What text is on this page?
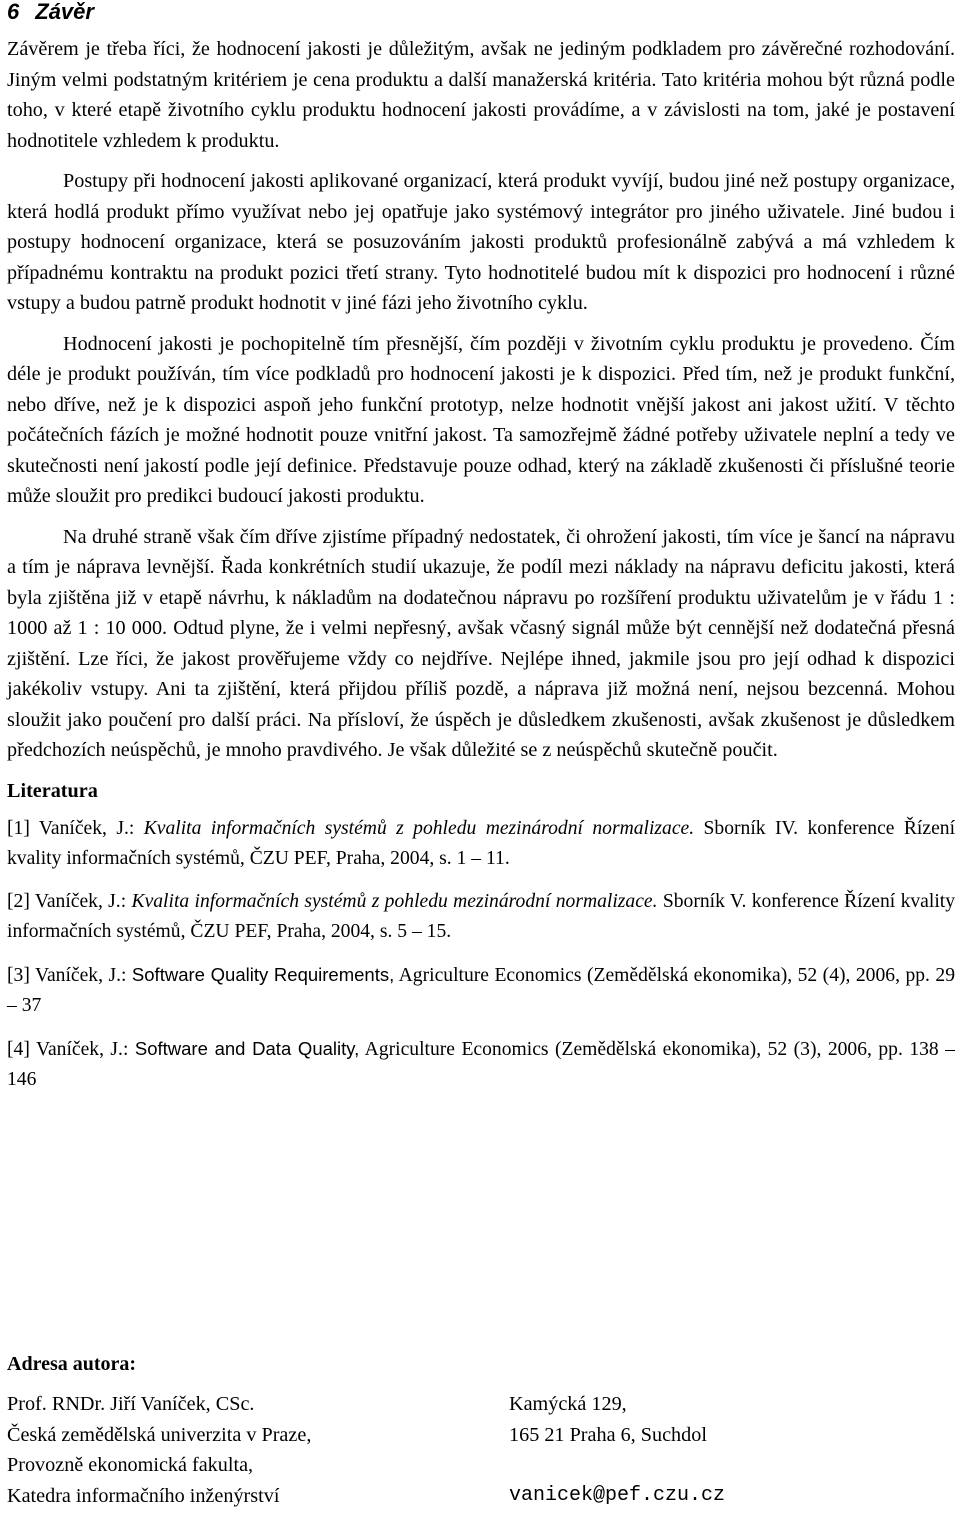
6 Závěr

Závěrem je třeba říci, že hodnocení jakosti je důležitým, avšak ne jediným podkladem pro závěrečné rozhodování. Jiným velmi podstatným kritériem je cena produktu a další manažerská kritéria. Tato kritéria mohou být různá podle toho, v které etapě životního cyklu produktu hodnocení jakosti provádíme, a v závislosti na tom, jaké je postavení hodnotitele vzhledem k produktu.

Postupy při hodnocení jakosti aplikované organizací, která produkt vyvíjí, budou jiné než postupy organizace, která hodlá produkt přímo využívat nebo jej opatřuje jako systémový integrátor pro jiného uživatele. Jiné budou i postupy hodnocení organizace, která se posuzováním jakosti produktů profesionálně zabývá a má vzhledem k případnému kontraktu na produkt pozici třetí strany. Tyto hodnotitelé budou mít k dispozici pro hodnocení i různé vstupy a budou patrně produkt hodnotit v jiné fázi jeho životního cyklu.

Hodnocení jakosti je pochopitelně tím přesnější, čím později v životním cyklu produktu je provedeno. Čím déle je produkt používán, tím více podkladů pro hodnocení jakosti je k dispozici. Před tím, než je produkt funkční, nebo dříve, než je k dispozici aspoň jeho funkční prototyp, nelze hodnotit vnější jakost ani jakost užití. V těchto počátečních fázích je možné hodnotit pouze vnitřní jakost. Ta samozřejmě žádné potřeby uživatele neplní a tedy ve skutečnosti není jakostí podle její definice. Představuje pouze odhad, který na základě zkušenosti či příslušné teorie může sloužit pro predikci budoucí jakosti produktu.

Na druhé straně však čím dříve zjistíme případný nedostatek, či ohrožení jakosti, tím více je šancí na nápravu a tím je náprava levnější. Řada konkrétních studií ukazuje, že podíl mezi náklady na nápravu deficitu jakosti, která byla zjištěna již v etapě návrhu, k nákladům na dodatečnou nápravu po rozšíření produktu uživatelům je v řádu 1 : 1000 až 1 : 10 000. Odtud plyne, že i velmi nepřesný, avšak včasný signál může být cennější než dodatečná přesná zjištění. Lze říci, že jakost prověřujeme vždy co nejdříve. Nejlépe ihned, jakmile jsou pro její odhad k dispozici jakékoliv vstupy. Ani ta zjištění, která přijdou příliš pozdě, a náprava již možná není, nejsou bezcenná. Mohou sloužit jako poučení pro další práci. Na přísloví, že úspěch je důsledkem zkušenosti, avšak zkušenost je důsledkem předchozích neúspěchů, je mnoho pravdivého. Je však důležité se z neúspěchů skutečně poučit.

Literatura

[1] Vaníček, J.: Kvalita informačních systémů z pohledu mezinárodní normalizace. Sborník IV. konference Řízení kvality informačních systémů, ČZU PEF, Praha, 2004, s. 1 – 11.

[2] Vaníček, J.: Kvalita informačních systémů z pohledu mezinárodní normalizace. Sborník V. konference Řízení kvality informačních systémů, ČZU PEF, Praha, 2004, s. 5 – 15.

[3] Vaníček, J.: Software Quality Requirements, Agriculture Economics (Zemědělská ekonomika), 52 (4), 2006, pp. 29 – 37

[4] Vaníček, J.: Software and Data Quality, Agriculture Economics (Zemědělská ekonomika), 52 (3), 2006, pp. 138 – 146

Adresa autora:
Prof. RNDr. Jiří Vaníček, CSc.
Česká zemědělská univerzita v Praze,
Provozně ekonomická fakulta,
Katedra informačního inženýrství
Kamýcká 129,
165 21 Praha 6, Suchdol

vanicek@pef.czu.cz
